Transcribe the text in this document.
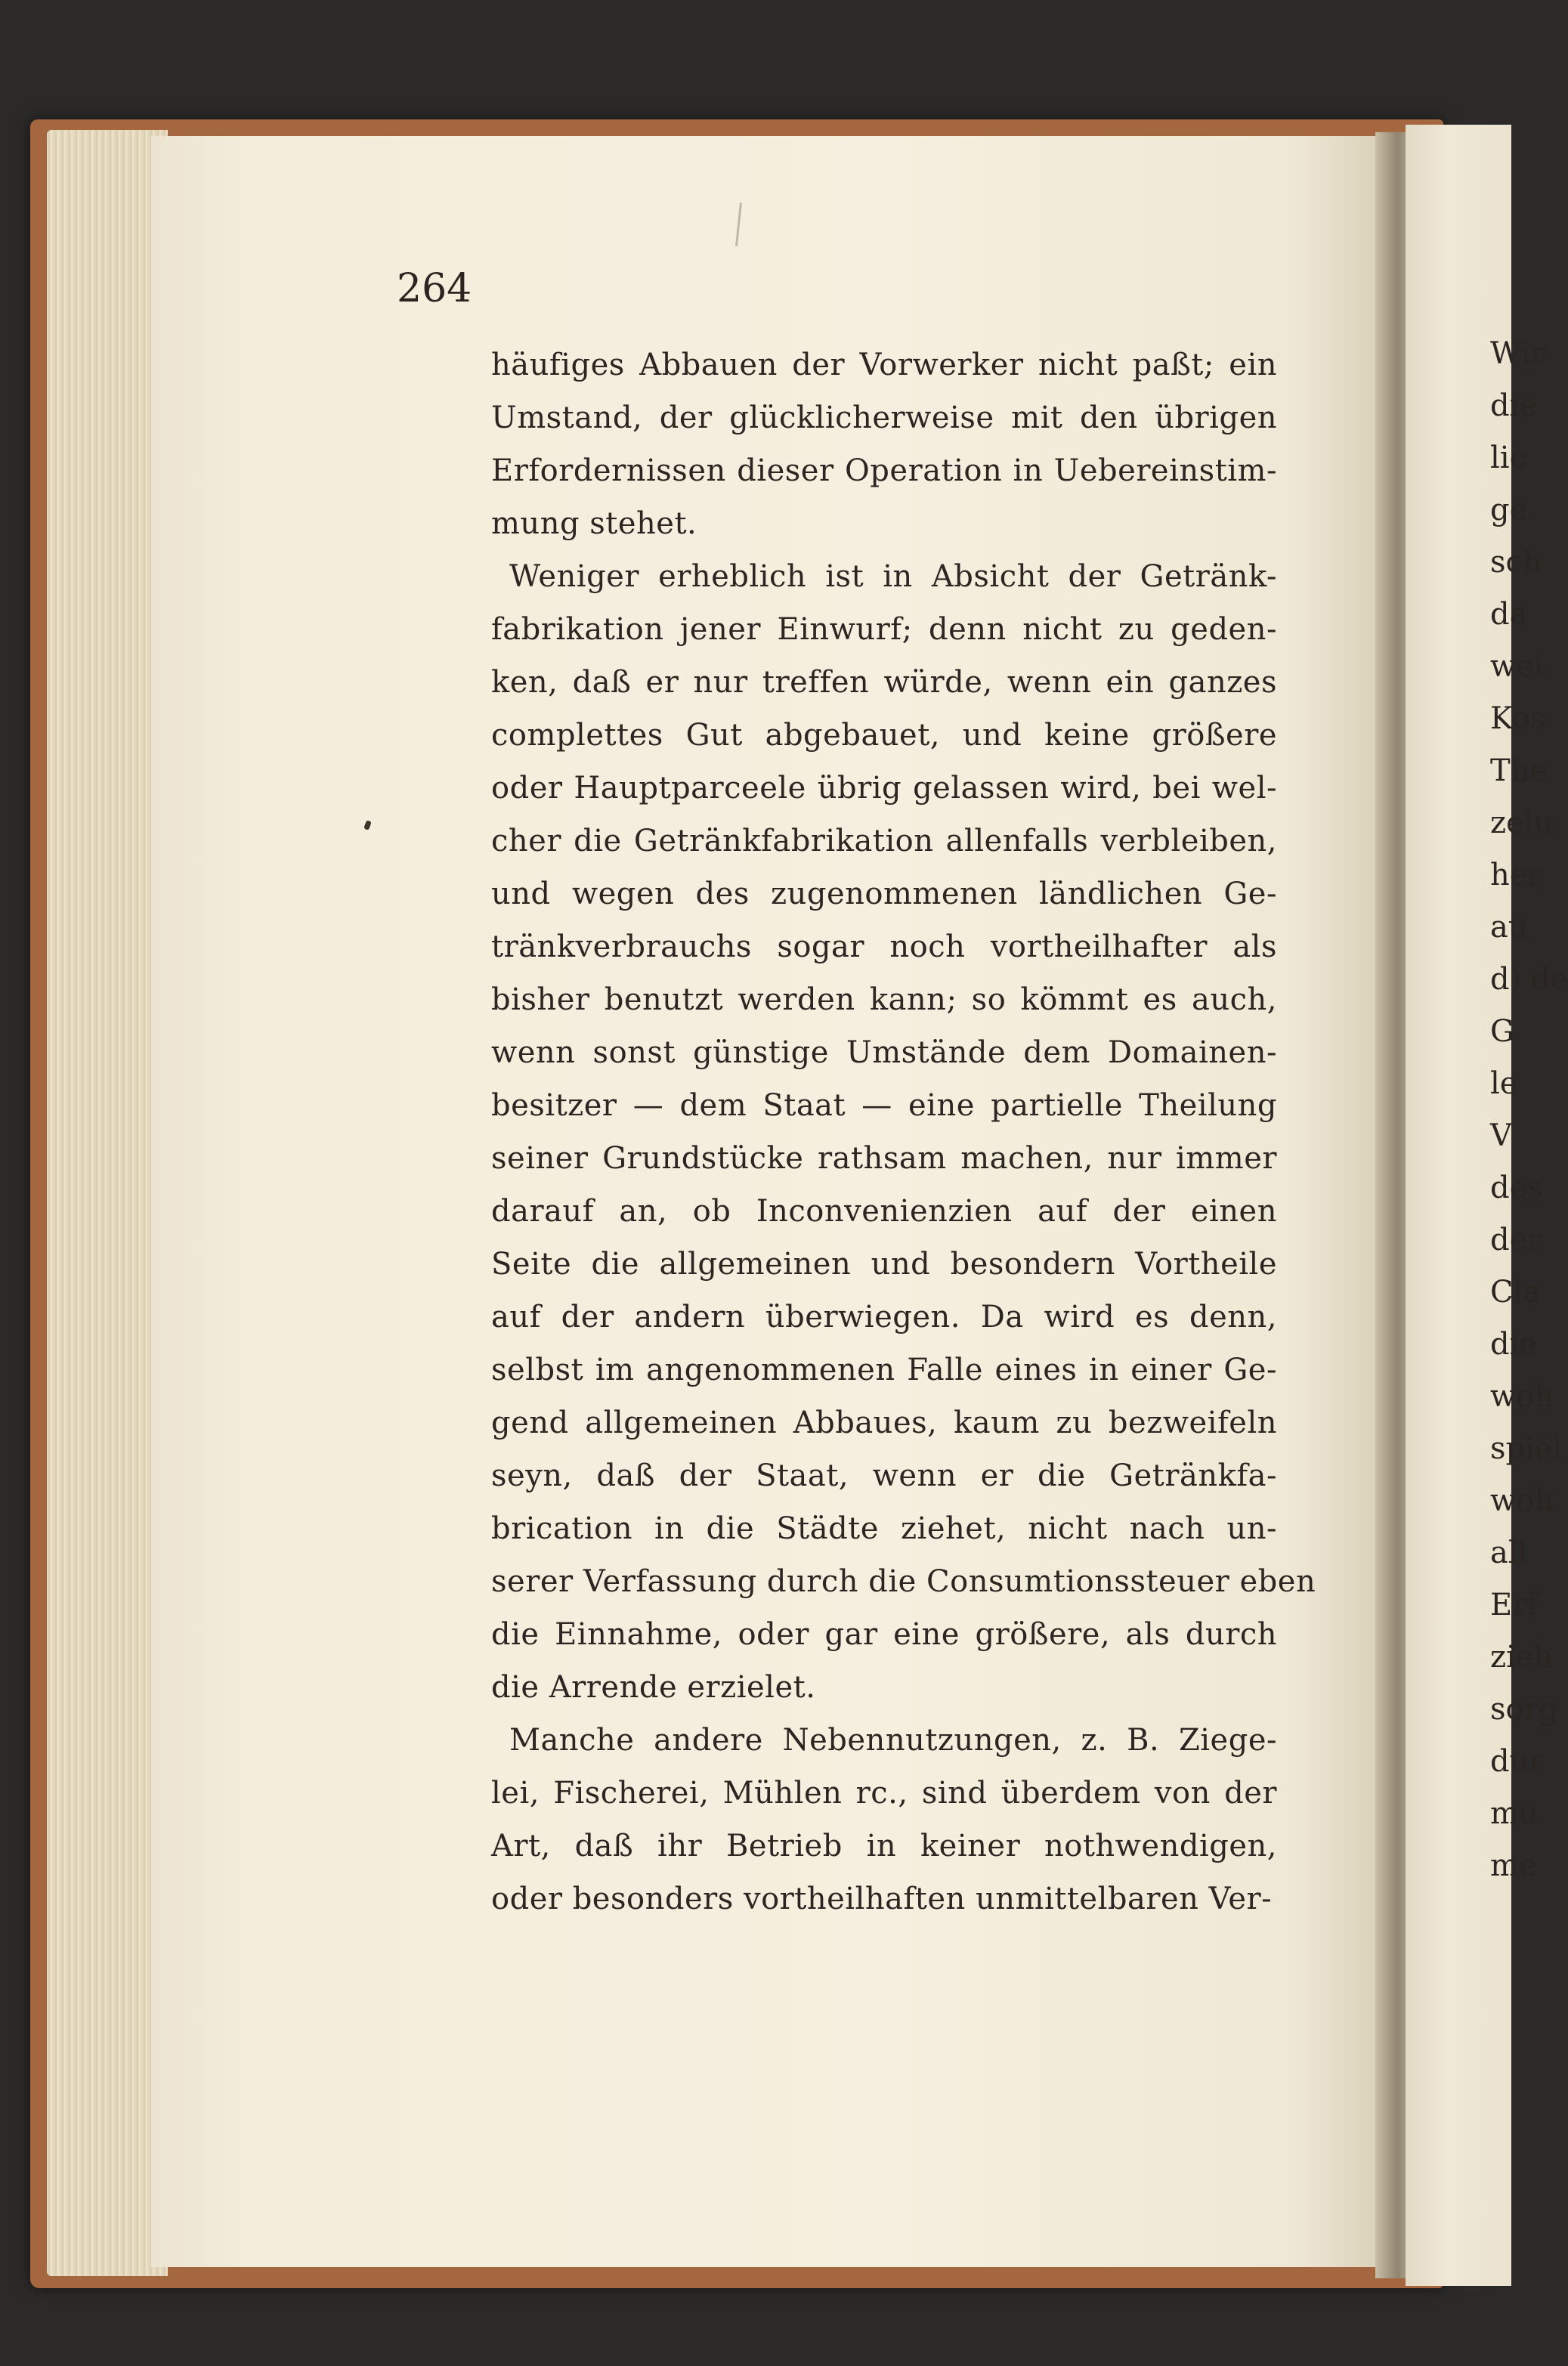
Wir
die
lic
ge
sch
da
wei
Kos
The
zelu
her
au
d) de
G
le
V
des
der
Cla
die
woh
spiel
woh
all
Erf
zieh
sorg
dur
mu
me

264

häufiges Abbauen der Vorwerker nicht paßt; ein
Umstand, der glücklicherweise mit den übrigen
Erfordernissen dieser Operation in Uebereinstim-
mung stehet.
Weniger erheblich ist in Absicht der Getränk-
fabrikation jener Einwurf; denn nicht zu geden-
ken, daß er nur treffen würde, wenn ein ganzes
complettes Gut abgebauet, und keine größere
oder Hauptparceele übrig gelassen wird, bei wel-
cher die Getränkfabrikation allenfalls verbleiben,
und wegen des zugenommenen ländlichen Ge-
tränkverbrauchs sogar noch vortheilhafter als
bisher benutzt werden kann; so kömmt es auch,
wenn sonst günstige Umstände dem Domainen-
besitzer — dem Staat — eine partielle Theilung
seiner Grundstücke rathsam machen, nur immer
darauf an, ob Inconvenienzien auf der einen
Seite die allgemeinen und besondern Vortheile
auf der andern überwiegen. Da wird es denn,
selbst im angenommenen Falle eines in einer Ge-
gend allgemeinen Abbaues, kaum zu bezweifeln
seyn, daß der Staat, wenn er die Getränkfa-
brication in die Städte ziehet, nicht nach un-
serer Verfassung durch die Consumtionssteuer eben
die Einnahme, oder gar eine größere, als durch
die Arrende erzielet.
Manche andere Nebennutzungen, z. B. Ziege-
lei, Fischerei, Mühlen rc., sind überdem von der
Art, daß ihr Betrieb in keiner nothwendigen,
oder besonders vortheilhaften unmittelbaren Ver-
